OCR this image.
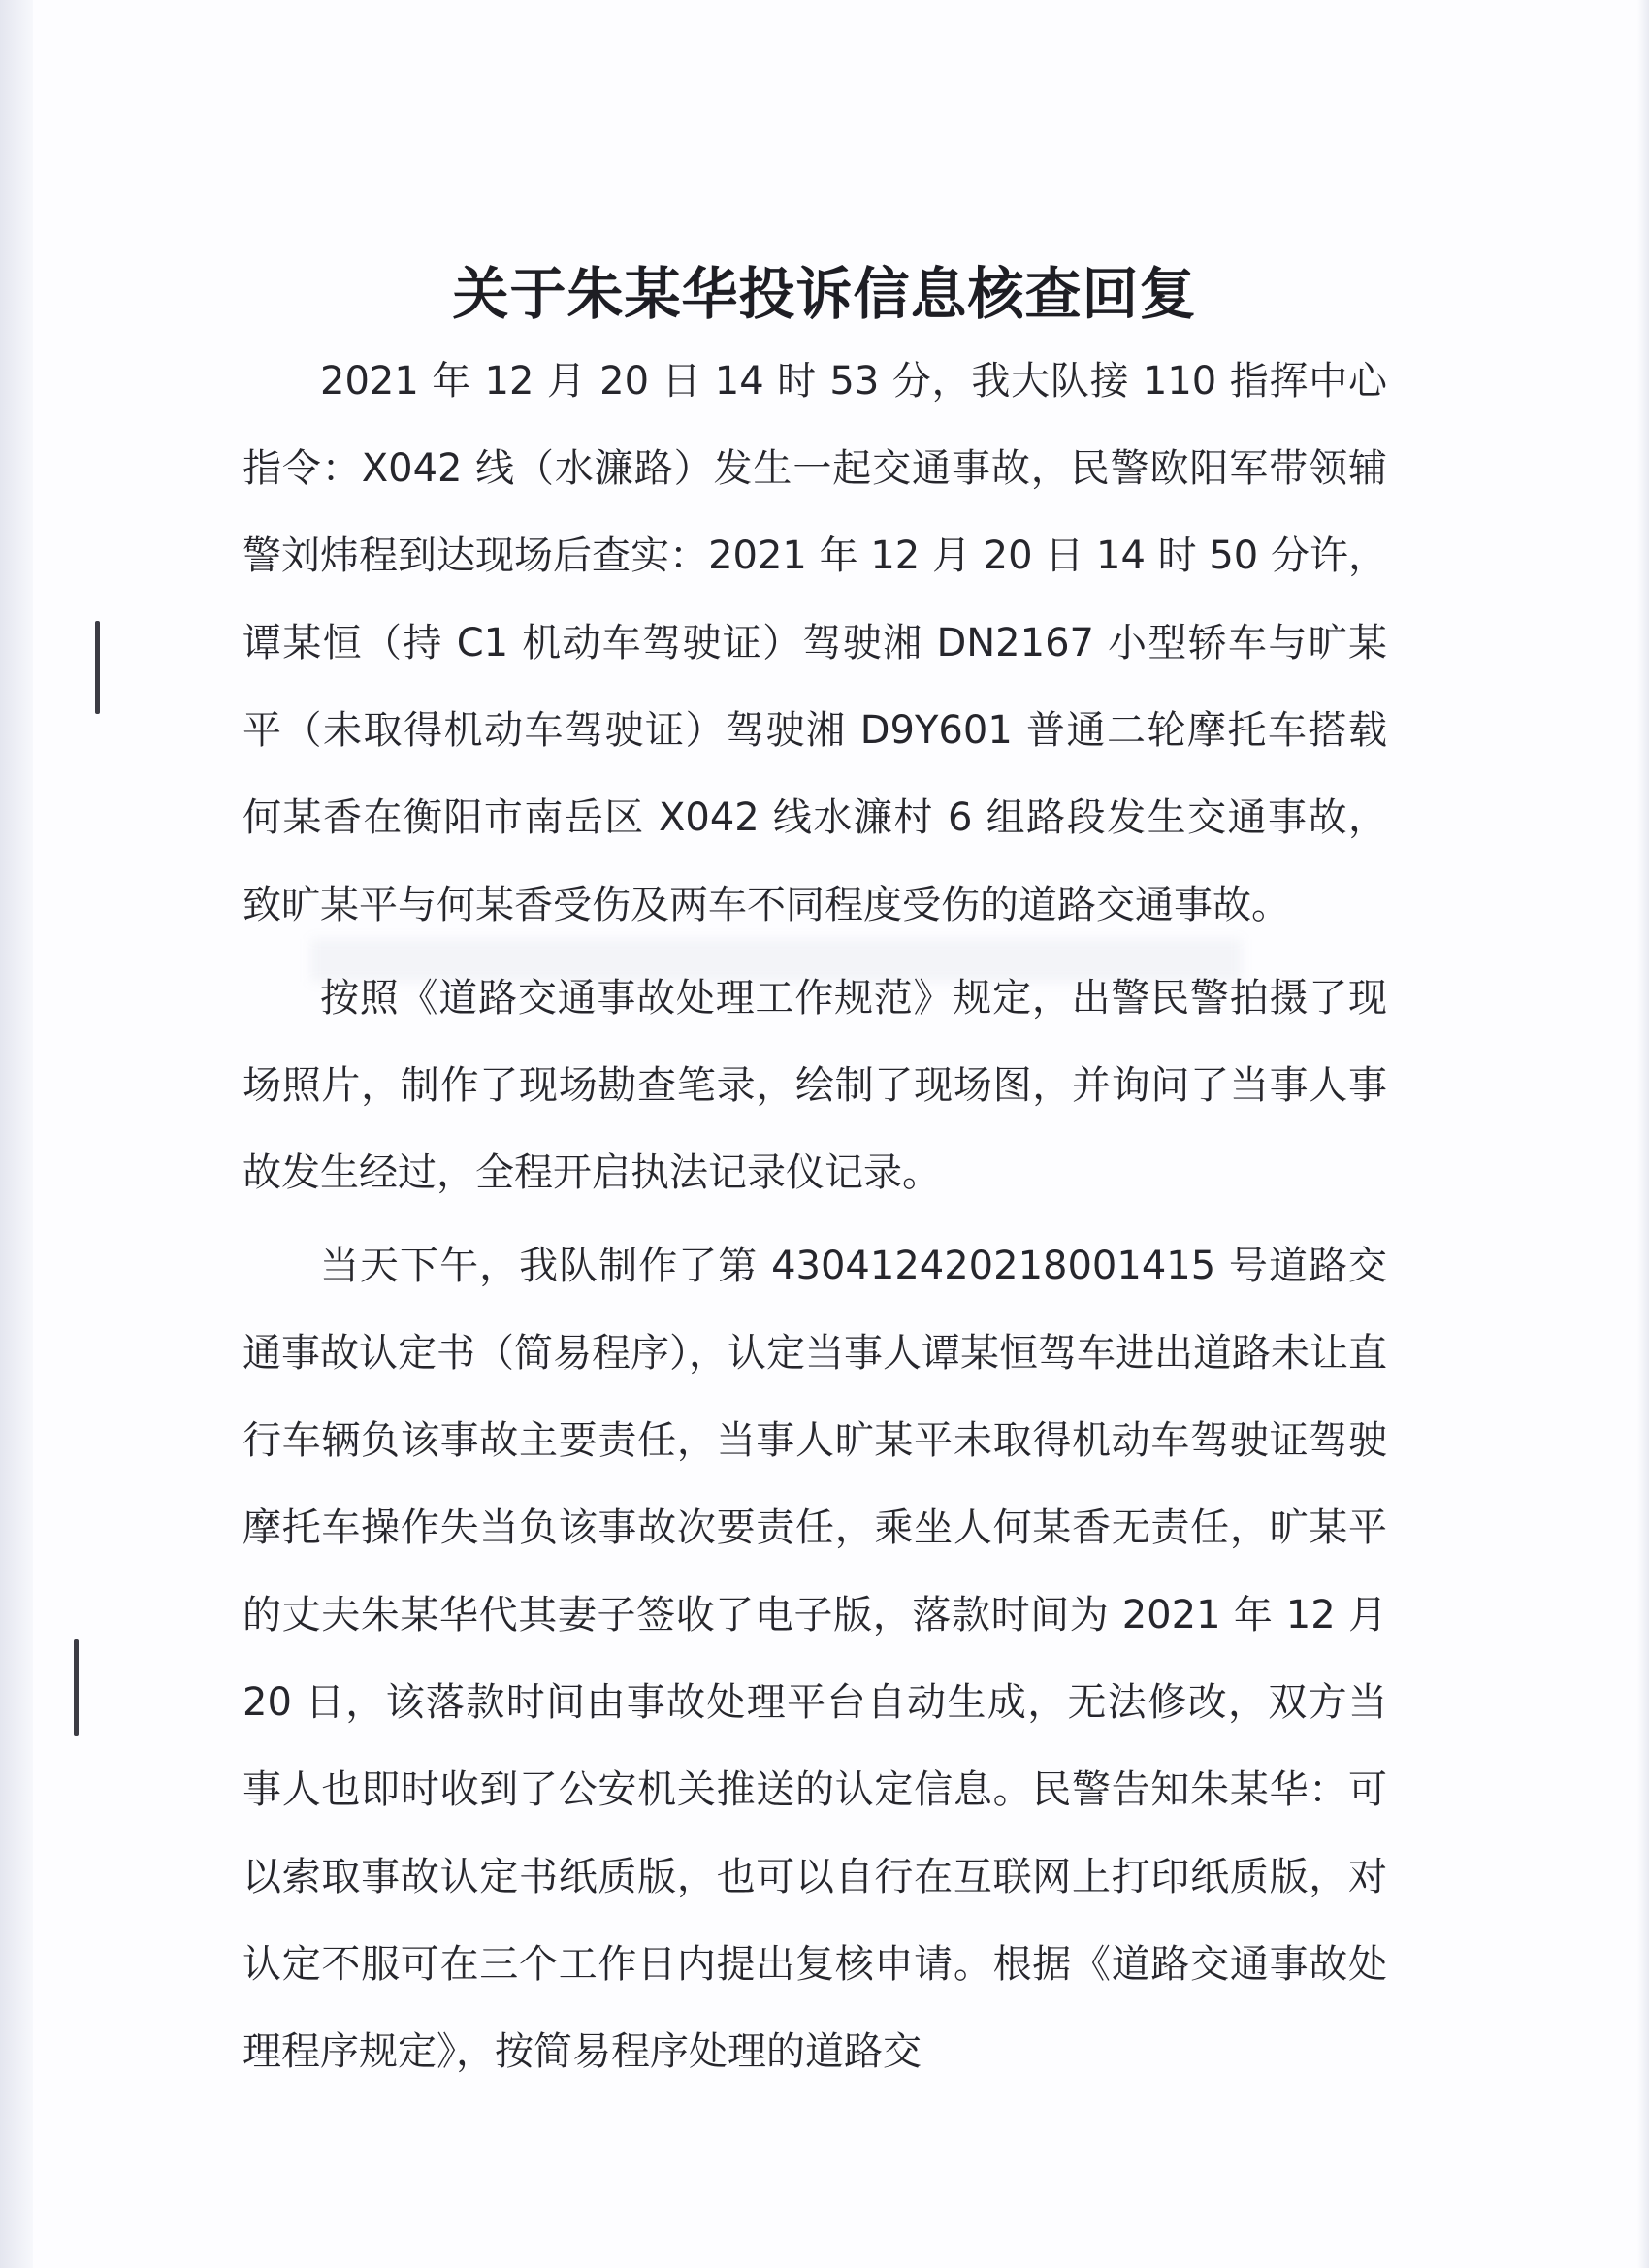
关于朱某华投诉信息核查回复

2021 年 12 月 20 日 14 时 53 分，我大队接 110 指挥中心指令：X042 线（水濂路）发生一起交通事故，民警欧阳军带领辅警刘炜程到达现场后查实：2021 年 12 月 20 日 14 时 50 分许，谭某恒（持 C1 机动车驾驶证）驾驶湘 DN2167 小型轿车与旷某平（未取得机动车驾驶证）驾驶湘 D9Y601 普通二轮摩托车搭载何某香在衡阳市南岳区 X042 线水濂村 6 组路段发生交通事故，致旷某平与何某香受伤及两车不同程度受伤的道路交通事故。

按照《道路交通事故处理工作规范》规定，出警民警拍摄了现场照片，制作了现场勘查笔录，绘制了现场图，并询问了当事人事故发生经过，全程开启执法记录仪记录。

当天下午，我队制作了第 430412420218001415 号道路交通事故认定书（简易程序），认定当事人谭某恒驾车进出道路未让直行车辆负该事故主要责任，当事人旷某平未取得机动车驾驶证驾驶摩托车操作失当负该事故次要责任，乘坐人何某香无责任，旷某平的丈夫朱某华代其妻子签收了电子版，落款时间为 2021 年 12 月 20 日，该落款时间由事故处理平台自动生成，无法修改，双方当事人也即时收到了公安机关推送的认定信息。民警告知朱某华：可以索取事故认定书纸质版，也可以自行在互联网上打印纸质版，对认定不服可在三个工作日内提出复核申请。根据《道路交通事故处理程序规定》，按简易程序处理的道路交
